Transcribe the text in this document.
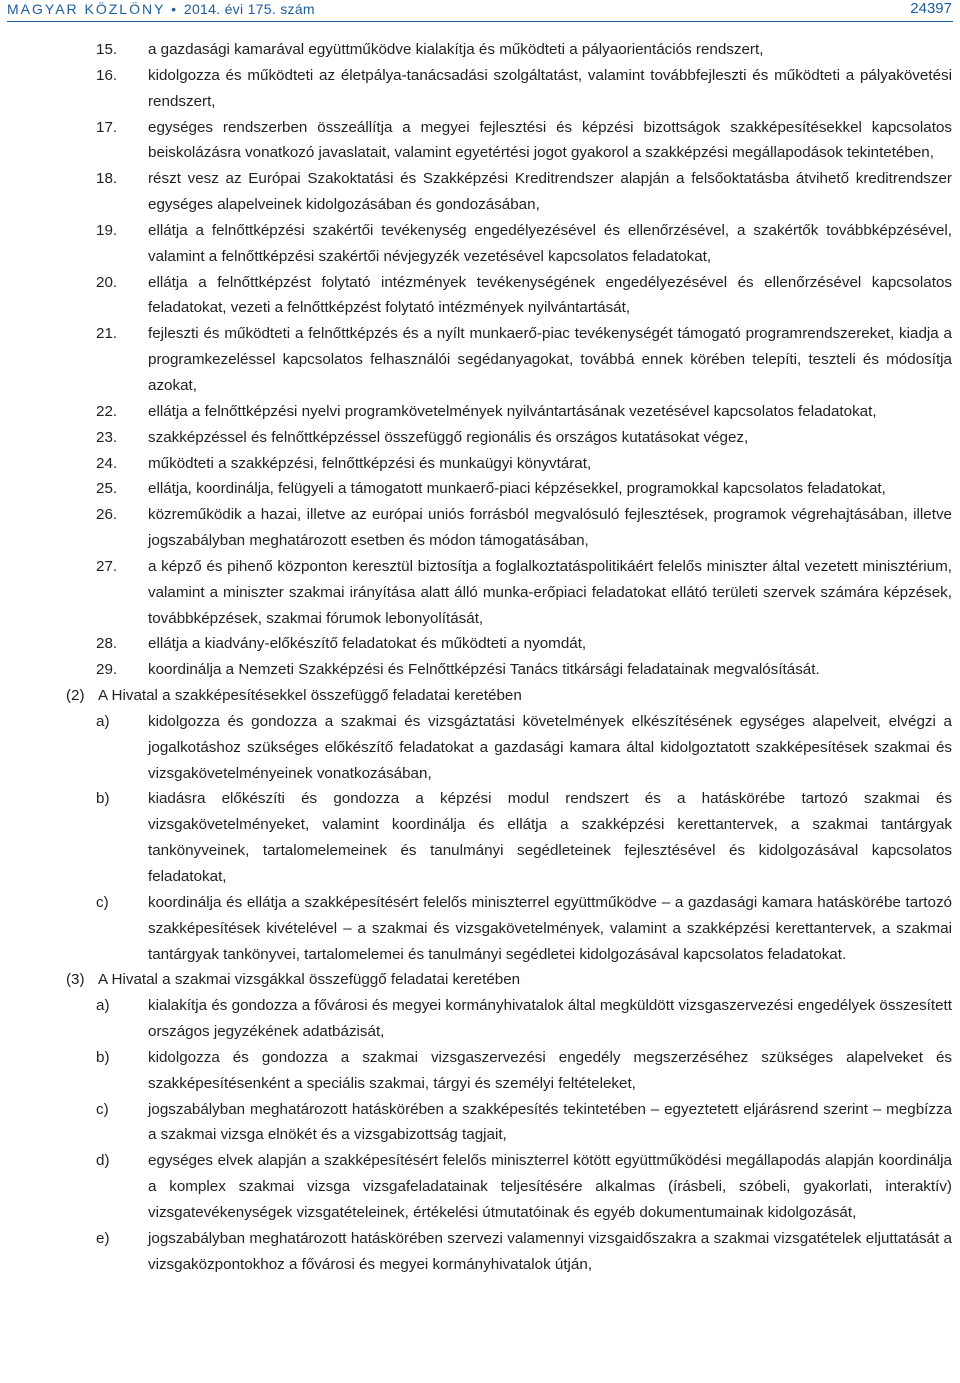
MAGYAR KÖZLÖNY • 2014. évi 175. szám	24397
15. a gazdasági kamarával együttműködve kialakítja és működteti a pályaorientációs rendszert,
16. kidolgozza és működteti az életpálya-tanácsadási szolgáltatást, valamint továbbfejleszti és működteti a pályakövetési rendszert,
17. egységes rendszerben összeállítja a megyei fejlesztési és képzési bizottságok szakképesítésekkel kapcsolatos beiskolázásra vonatkozó javaslatait, valamint egyetértési jogot gyakorol a szakképzési megállapodások tekintetében,
18. részt vesz az Európai Szakoktatási és Szakképzési Kreditrendszer alapján a felsőoktatásba átvihető kreditrendszer egységes alapelveinek kidolgozásában és gondozásában,
19. ellátja a felnőttképzési szakértői tevékenység engedélyezésével és ellenőrzésével, a szakértők továbbképzésével, valamint a felnőttképzési szakértői névjegyzék vezetésével kapcsolatos feladatokat,
20. ellátja a felnőttképzést folytató intézmények tevékenységének engedélyezésével és ellenőrzésével kapcsolatos feladatokat, vezeti a felnőttképzést folytató intézmények nyilvántartását,
21. fejleszti és működteti a felnőttképzés és a nyílt munkaerő-piac tevékenységét támogató programrendszereket, kiadja a programkezeléssel kapcsolatos felhasználói segédanyagokat, továbbá ennek körében telepíti, teszteli és módosítja azokat,
22. ellátja a felnőttképzési nyelvi programkövetelmények nyilvántartásának vezetésével kapcsolatos feladatokat,
23. szakképzéssel és felnőttképzéssel összefüggő regionális és országos kutatásokat végez,
24. működteti a szakképzési, felnőttképzési és munkaügyi könyvtárat,
25. ellátja, koordinálja, felügyeli a támogatott munkaerő-piaci képzésekkel, programokkal kapcsolatos feladatokat,
26. közreműködik a hazai, illetve az európai uniós forrásból megvalósuló fejlesztések, programok végrehajtásában, illetve jogszabályban meghatározott esetben és módon támogatásában,
27. a képző és pihenő központon keresztül biztosítja a foglalkoztatáspolitikáért felelős miniszter által vezetett minisztérium, valamint a miniszter szakmai irányítása alatt álló munka-erőpiaci feladatokat ellátó területi szervek számára képzések, továbbképzések, szakmai fórumok lebonyolítását,
28. ellátja a kiadvány-előkészítő feladatokat és működteti a nyomdát,
29. koordinálja a Nemzeti Szakképzési és Felnőttképzési Tanács titkársági feladatainak megvalósítását.
(2) A Hivatal a szakképesítésekkel összefüggő feladatai keretében
a)	kidolgozza és gondozza a szakmai és vizsgáztatási követelmények elkészítésének egységes alapelveit, elvégzi a jogalkotáshoz szükséges előkészítő feladatokat a gazdasági kamara által kidolgoztatott szakképesítések szakmai és vizsgakövetelményeinek vonatkozásában,
b)	kiadásra előkészíti és gondozza a képzési modul rendszert és a hatáskörébe tartozó szakmai és vizsgakövetelményeket, valamint koordinálja és ellátja a szakképzési kerettantervek, a szakmai tantárgyak tankönyveinek, tartalomelemeinek és tanulmányi segédleteinek fejlesztésével és kidolgozásával kapcsolatos feladatokat,
c)	koordinálja és ellátja a szakképesítésért felelős miniszterrel együttműködve – a gazdasági kamara hatáskörébe tartozó szakképesítések kivételével – a szakmai és vizsgakövetelmények, valamint a szakképzési kerettantervek, a szakmai tantárgyak tankönyvei, tartalomelemei és tanulmányi segédletei kidolgozásával kapcsolatos feladatokat.
(3) A Hivatal a szakmai vizsgákkal összefüggő feladatai keretében
a)	kialakítja és gondozza a fővárosi és megyei kormányhivatalok által megküldött vizsgaszervezési engedélyek összesített országos jegyzékének adatbázisát,
b)	kidolgozza és gondozza a szakmai vizsgaszervezési engedély megszerzéséhez szükséges alapelveket és szakképesítésenként a speciális szakmai, tárgyi és személyi feltételeket,
c)	jogszabályban meghatározott hatáskörében a szakképesítés tekintetében – egyeztetett eljárásrend szerint – megbízza a szakmai vizsga elnökét és a vizsgabizottság tagjait,
d)	egységes elvek alapján a szakképesítésért felelős miniszterrel kötött együttműködési megállapodás alapján koordinálja a komplex szakmai vizsga vizsgafeladatainak teljesítésére alkalmas (írásbeli, szóbeli, gyakorlati, interaktív) vizsgatevékenységek vizsgatételeinek, értékelési útmutatóinak és egyéb dokumentumainak kidolgozását,
e)	jogszabályban meghatározott hatáskörében szervezi valamennyi vizsgaidőszakra a szakmai vizsgatételek eljuttatását a vizsgaközpontokhoz a fővárosi és megyei kormányhivatalok útján,
